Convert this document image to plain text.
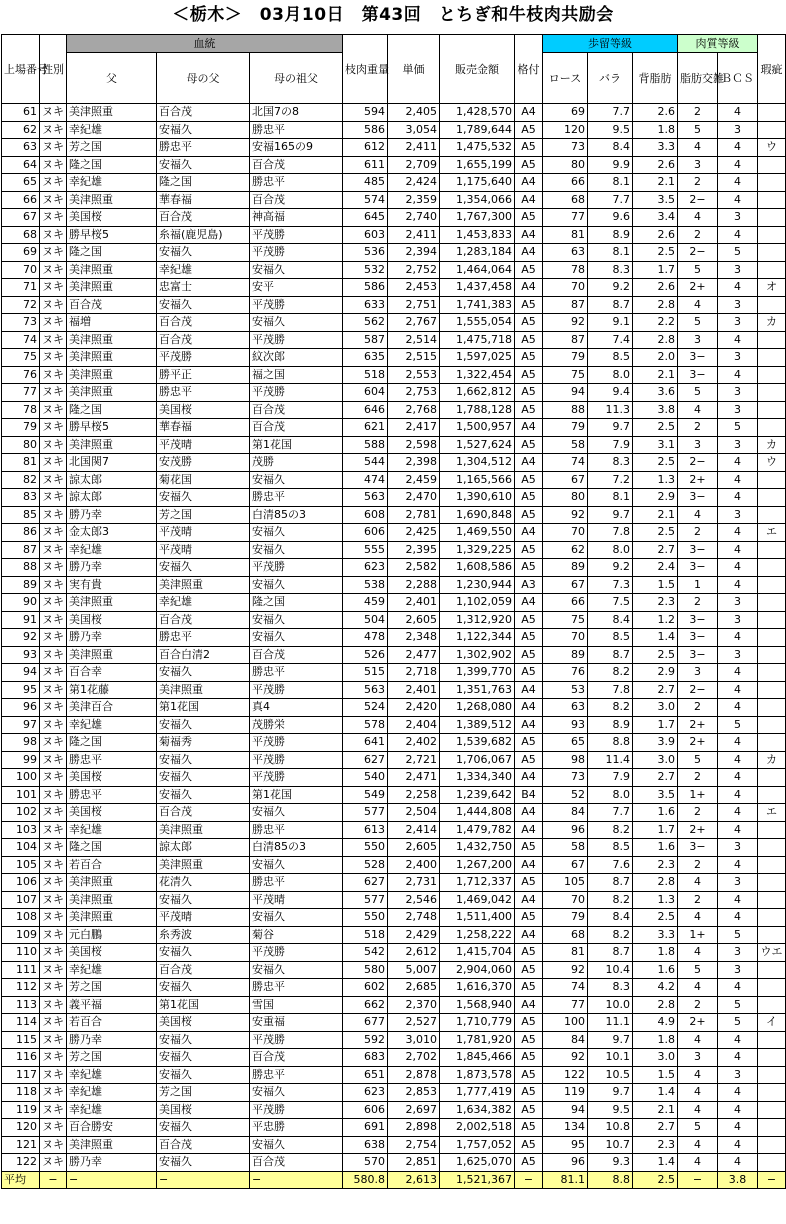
＜栃木＞　03月10日　第43回　とちぎ和牛枝肉共励会
上場番号	性別	血統			枝肉重量	単価	販売金額	格付	歩留等級			肉質等級		瑕疵
		父	母の父	母の祖父					ロース	バラ	背脂肪	脂肪交雑	ＢＣＳ	
61	ヌキ	美津照重	百合茂	北国7の8	594	2,405	1,428,570	A4	69	7.7	2.6	2	4	
62	ヌキ	幸紀雄	安福久	勝忠平	586	3,054	1,789,644	A5	120	9.5	1.8	5	3	
63	ヌキ	芳之国	勝忠平	安福165の9	612	2,411	1,475,532	A5	73	8.4	3.3	4	4	ウ
64	ヌキ	隆之国	安福久	百合茂	611	2,709	1,655,199	A5	80	9.9	2.6	3	4	
65	ヌキ	幸紀雄	隆之国	勝忠平	485	2,424	1,175,640	A4	66	8.1	2.1	2	4	
66	ヌキ	美津照重	華春福	百合茂	574	2,359	1,354,066	A4	68	7.7	3.5	2−	4	
67	ヌキ	美国桜	百合茂	神高福	645	2,740	1,767,300	A5	77	9.6	3.4	4	3	
68	ヌキ	勝早桜5	糸福(鹿児島)	平茂勝	603	2,411	1,453,833	A4	81	8.9	2.6	2	4	
69	ヌキ	隆之国	安福久	平茂勝	536	2,394	1,283,184	A4	63	8.1	2.5	2−	5	
70	ヌキ	美津照重	幸紀雄	安福久	532	2,752	1,464,064	A5	78	8.3	1.7	5	3	
71	ヌキ	美津照重	忠富士	安平	586	2,453	1,437,458	A4	70	9.2	2.6	2+	4	オ
72	ヌキ	百合茂	安福久	平茂勝	633	2,751	1,741,383	A5	87	8.7	2.8	4	3	
73	ヌキ	福増	百合茂	安福久	562	2,767	1,555,054	A5	92	9.1	2.2	5	3	カ
74	ヌキ	美津照重	百合茂	平茂勝	587	2,514	1,475,718	A5	87	7.4	2.8	3	4	
75	ヌキ	美津照重	平茂勝	紋次郎	635	2,515	1,597,025	A5	79	8.5	2.0	3−	3	
76	ヌキ	美津照重	勝平正	福之国	518	2,553	1,322,454	A5	75	8.0	2.1	3−	4	
77	ヌキ	美津照重	勝忠平	平茂勝	604	2,753	1,662,812	A5	94	9.4	3.6	5	3	
78	ヌキ	隆之国	美国桜	百合茂	646	2,768	1,788,128	A5	88	11.3	3.8	4	3	
79	ヌキ	勝早桜5	華春福	百合茂	621	2,417	1,500,957	A4	79	9.7	2.5	2	5	
80	ヌキ	美津照重	平茂晴	第1花国	588	2,598	1,527,624	A5	58	7.9	3.1	3	3	カ
81	ヌキ	北国関7	安茂勝	茂勝	544	2,398	1,304,512	A4	74	8.3	2.5	2−	4	ウ
82	ヌキ	諒太郎	菊花国	安福久	474	2,459	1,165,566	A5	67	7.2	1.3	2+	4	
83	ヌキ	諒太郎	安福久	勝忠平	563	2,470	1,390,610	A5	80	8.1	2.9	3−	4	
85	ヌキ	勝乃幸	芳之国	白清85の3	608	2,781	1,690,848	A5	92	9.7	2.1	4	3	
86	ヌキ	金太郎3	平茂晴	安福久	606	2,425	1,469,550	A4	70	7.8	2.5	2	4	エ
87	ヌキ	幸紀雄	平茂晴	安福久	555	2,395	1,329,225	A5	62	8.0	2.7	3−	4	
88	ヌキ	勝乃幸	安福久	平茂勝	623	2,582	1,608,586	A5	89	9.2	2.4	3−	4	
89	ヌキ	実有貴	美津照重	安福久	538	2,288	1,230,944	A3	67	7.3	1.5	1	4	
90	ヌキ	美津照重	幸紀雄	隆之国	459	2,401	1,102,059	A4	66	7.5	2.3	2	3	
91	ヌキ	美国桜	百合茂	安福久	504	2,605	1,312,920	A5	75	8.4	1.2	3−	3	
92	ヌキ	勝乃幸	勝忠平	安福久	478	2,348	1,122,344	A5	70	8.5	1.4	3−	4	
93	ヌキ	美津照重	百合白清2	百合茂	526	2,477	1,302,902	A5	89	8.7	2.5	3−	3	
94	ヌキ	百合幸	安福久	勝忠平	515	2,718	1,399,770	A5	76	8.2	2.9	3	4	
95	ヌキ	第1花藤	美津照重	平茂勝	563	2,401	1,351,763	A4	53	7.8	2.7	2−	4	
96	ヌキ	美津百合	第1花国	真4	524	2,420	1,268,080	A4	63	8.2	3.0	2	4	
97	ヌキ	幸紀雄	安福久	茂勝栄	578	2,404	1,389,512	A4	93	8.9	1.7	2+	5	
98	ヌキ	隆之国	菊福秀	平茂勝	641	2,402	1,539,682	A5	65	8.8	3.9	2+	4	
99	ヌキ	勝忠平	安福久	平茂勝	627	2,721	1,706,067	A5	98	11.4	3.0	5	4	カ
100	ヌキ	美国桜	安福久	平茂勝	540	2,471	1,334,340	A4	73	7.9	2.7	2	4	
101	ヌキ	勝忠平	安福久	第1花国	549	2,258	1,239,642	B4	52	8.0	3.5	1+	4	
102	ヌキ	美国桜	百合茂	安福久	577	2,504	1,444,808	A4	84	7.7	1.6	2	4	エ
103	ヌキ	幸紀雄	美津照重	勝忠平	613	2,414	1,479,782	A4	96	8.2	1.7	2+	4	
104	ヌキ	隆之国	諒太郎	白清85の3	550	2,605	1,432,750	A5	58	8.5	1.6	3−	3	
105	ヌキ	若百合	美津照重	安福久	528	2,400	1,267,200	A4	67	7.6	2.3	2	4	
106	ヌキ	美津照重	花清久	勝忠平	627	2,731	1,712,337	A5	105	8.7	2.8	4	3	
107	ヌキ	美津照重	安福久	平茂晴	577	2,546	1,469,042	A4	70	8.2	1.3	2	4	
108	ヌキ	美津照重	平茂晴	安福久	550	2,748	1,511,400	A5	79	8.4	2.5	4	4	
109	ヌキ	元白鵬	糸秀波	菊谷	518	2,429	1,258,222	A4	68	8.2	3.3	1+	5	
110	ヌキ	美国桜	安福久	平茂勝	542	2,612	1,415,704	A5	81	8.7	1.8	4	3	ウエ
111	ヌキ	幸紀雄	百合茂	安福久	580	5,007	2,904,060	A5	92	10.4	1.6	5	3	
112	ヌキ	芳之国	安福久	勝忠平	602	2,685	1,616,370	A5	74	8.3	4.2	4	4	
113	ヌキ	義平福	第1花国	雪国	662	2,370	1,568,940	A4	77	10.0	2.8	2	5	
114	ヌキ	若百合	美国桜	安重福	677	2,527	1,710,779	A5	100	11.1	4.9	2+	5	イ
115	ヌキ	勝乃幸	安福久	平茂勝	592	3,010	1,781,920	A5	84	9.7	1.8	4	4	
116	ヌキ	芳之国	安福久	百合茂	683	2,702	1,845,466	A5	92	10.1	3.0	3	4	
117	ヌキ	幸紀雄	安福久	勝忠平	651	2,878	1,873,578	A5	122	10.5	1.5	4	3	
118	ヌキ	幸紀雄	芳之国	安福久	623	2,853	1,777,419	A5	119	9.7	1.4	4	4	
119	ヌキ	幸紀雄	美国桜	平茂勝	606	2,697	1,634,382	A5	94	9.5	2.1	4	4	
120	ヌキ	百合勝安	安福久	平忠勝	691	2,898	2,002,518	A5	134	10.8	2.7	5	4	
121	ヌキ	美津照重	百合茂	安福久	638	2,754	1,757,052	A5	95	10.7	2.3	4	4	
122	ヌキ	勝乃幸	安福久	百合茂	570	2,851	1,625,070	A5	96	9.3	1.4	4	4	
平均	−	−	−	−	580.8	2,613	1,521,367	−	81.1	8.8	2.5	−	3.8	−
